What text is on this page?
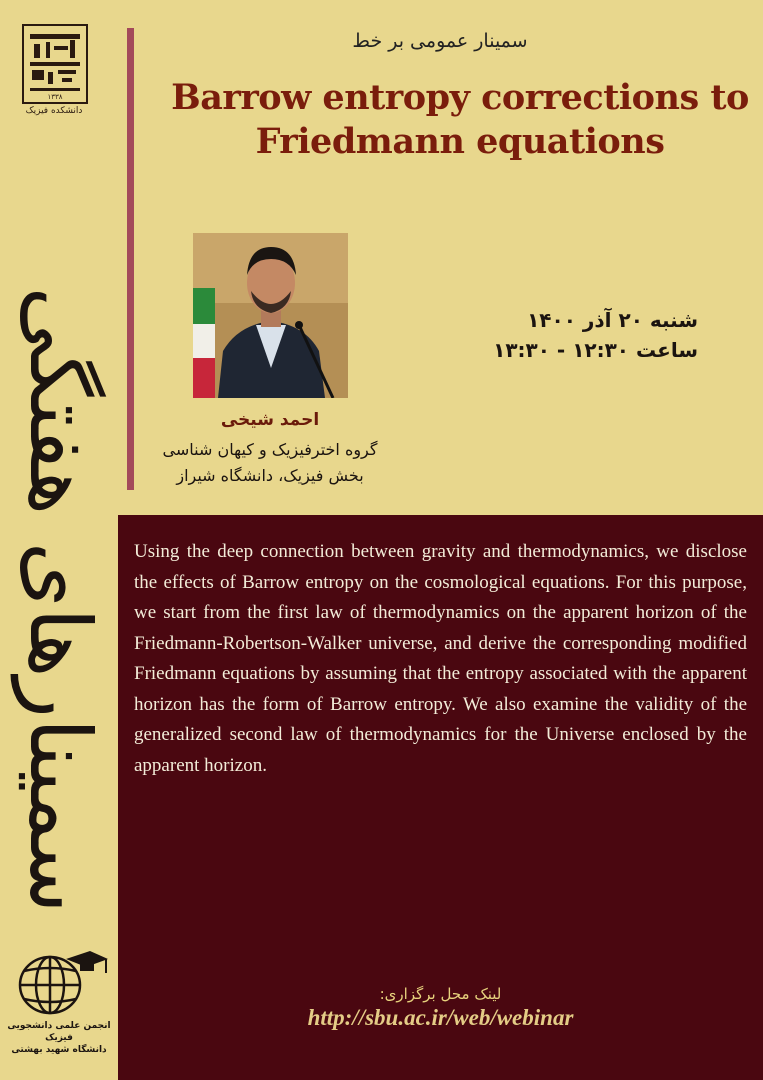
۱۳۳۸
دانشکده فیزیک
سمینارهای هفتگی
انجمن علمی دانشجویی فیزیک
دانشگاه شهید بهشتی
سمینار عمومی بر خط
Barrow entropy corrections to
Friedmann equations
شنبه ۲۰ آذر ۱۴۰۰
ساعت ۱۲:۳۰ - ۱۳:۳۰
احمد شیخی
گروه اخترفیزیک و کیهان شناسی
بخش فیزیک، دانشگاه شیراز
Using the deep connection between gravity and thermodynamics, we disclose the effects of Barrow entropy on the cosmological equations. For this purpose, we start from the first law of thermodynamics on the apparent horizon of the Friedmann-Robertson-Walker universe, and derive the corresponding modified Friedmann equations by assuming that the entropy associated with the apparent horizon has the form of Barrow entropy. We also examine the validity of the generalized second law of thermodynamics for the Universe enclosed by the apparent horizon.
لینک محل برگزاری:
http://sbu.ac.ir/web/webinar
